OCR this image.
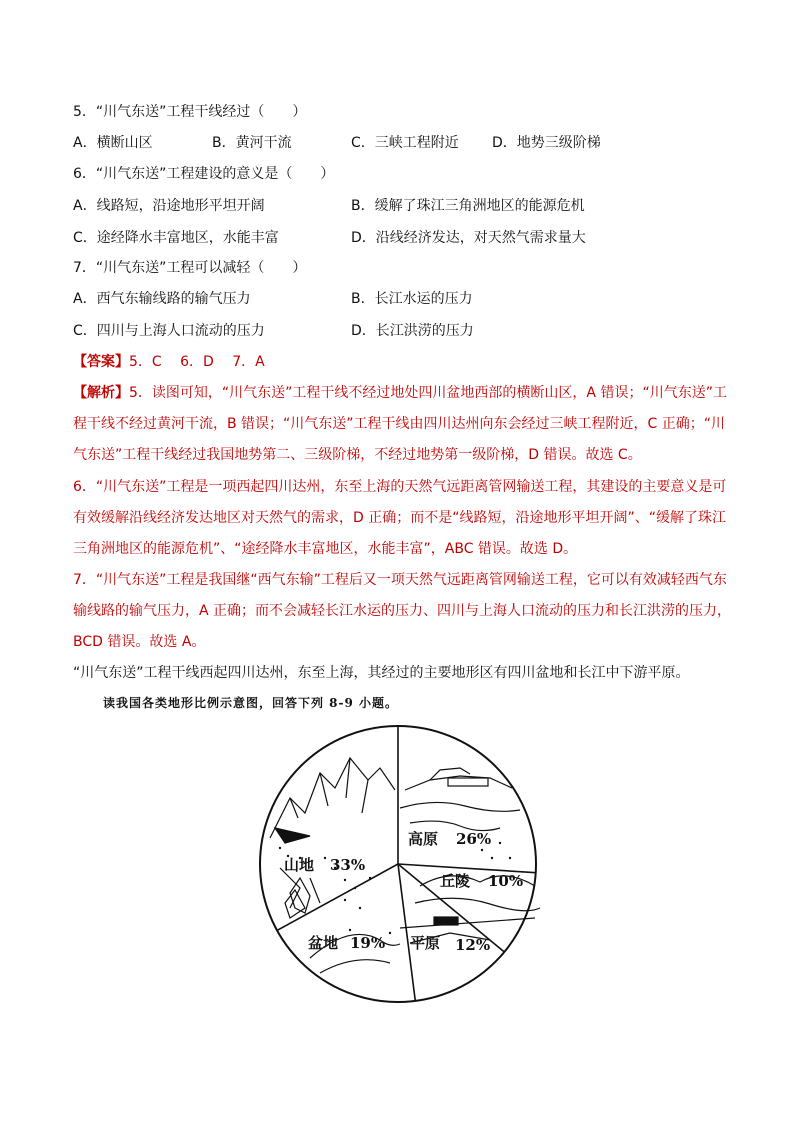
5．“川气东送”工程干线经过（　　）
A．横断山区	B．黄河干流	C．三峡工程附近 D．地势三级阶梯
6．“川气东送”工程建设的意义是（　　）
A．线路短，沿途地形平坦开阔	B．缓解了珠江三角洲地区的能源危机
C．途经降水丰富地区，水能丰富	D．沿线经济发达，对天然气需求量大
7．“川气东送”工程可以减轻（　　）
A．西气东输线路的输气压力	B．长江水运的压力
C．四川与上海人口流动的压力	D．长江洪涝的压力
【答案】5．C　 6．D　 7．A
【解析】5．读图可知，“川气东送”工程干线不经过地处四川盆地西部的横断山区，A 错误；“川气东送”工
程干线不经过黄河干流，B 错误；“川气东送”工程干线由四川达州向东会经过三峡工程附近，C 正确；“川
气东送”工程干线经过我国地势第二、三级阶梯，不经过地势第一级阶梯，D 错误。故选 C。
6．“川气东送”工程是一项西起四川达州，东至上海的天然气远距离管网输送工程，其建设的主要意义是可
有效缓解沿线经济发达地区对天然气的需求，D 正确；而不是“线路短，沿途地形平坦开阔”、“缓解了珠江
三角洲地区的能源危机”、“途经降水丰富地区，水能丰富”，ABC 错误。故选 D。
7．“川气东送”工程是我国继“西气东输”工程后又一项天然气远距离管网输送工程，它可以有效减轻西气东
输线路的输气压力，A 正确；而不会减轻长江水运的压力、四川与上海人口流动的压力和长江洪涝的压力，
BCD 错误。故选 A。
“川气东送”工程干线西起四川达州，东至上海，其经过的主要地形区有四川盆地和长江中下游平原。
读我国各类地形比例示意图，回答下列 8-9 小题。
高原 26%
丘陵 10%
平原 12%
盆地 19%
山地 33%
